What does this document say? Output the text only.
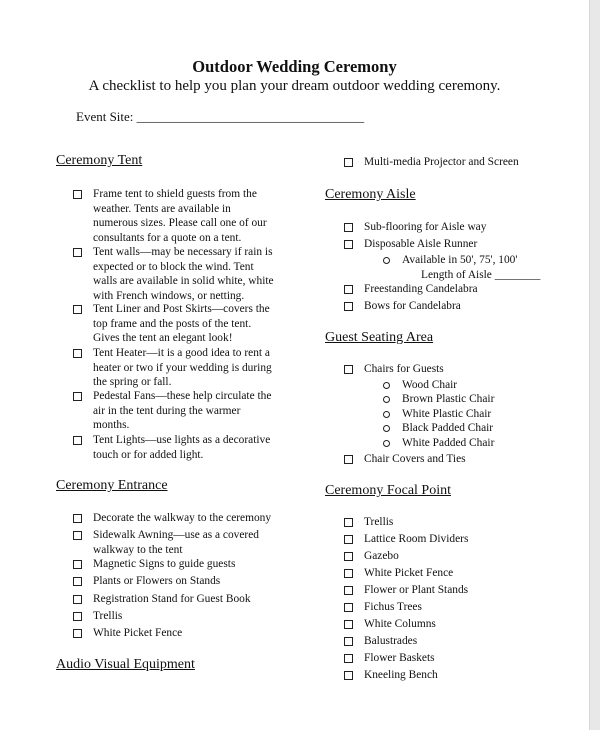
Outdoor Wedding Ceremony
A checklist to help you plan your dream outdoor wedding ceremony.
Event Site: ___________________________________
Ceremony Tent
Frame tent to shield guests from the
weather. Tents are available in
numerous sizes. Please call one of our
consultants for a quote on a tent.
Tent walls—may be necessary if rain is
expected or to block the wind. Tent
walls are available in solid white, white
with French windows, or netting.
Tent Liner and Post Skirts—covers the
top frame and the posts of the tent.
Gives the tent an elegant look!
Tent Heater—it is a good idea to rent a
heater or two if your wedding is during
the spring or fall.
Pedestal Fans—these help circulate the
air in the tent during the warmer
months.
Tent Lights—use lights as a decorative
touch or for added light.
Ceremony Entrance
Decorate the walkway to the ceremony
Sidewalk Awning—use as a covered
walkway to the tent
Magnetic Signs to guide guests
Plants or Flowers on Stands
Registration Stand for Guest Book
Trellis
White Picket Fence
Audio Visual Equipment
Multi-media Projector and Screen
Ceremony Aisle
Sub-flooring for Aisle way
Disposable Aisle Runner
Available in 50', 75', 100'
Length of Aisle ________
Freestanding Candelabra
Bows for Candelabra
Guest Seating Area
Chairs for Guests
Wood Chair
Brown Plastic Chair
White Plastic Chair
Black Padded Chair
White Padded Chair
Chair Covers and Ties
Ceremony Focal Point
Trellis
Lattice Room Dividers
Gazebo
White Picket Fence
Flower or Plant Stands
Fichus Trees
White Columns
Balustrades
Flower Baskets
Kneeling Bench
